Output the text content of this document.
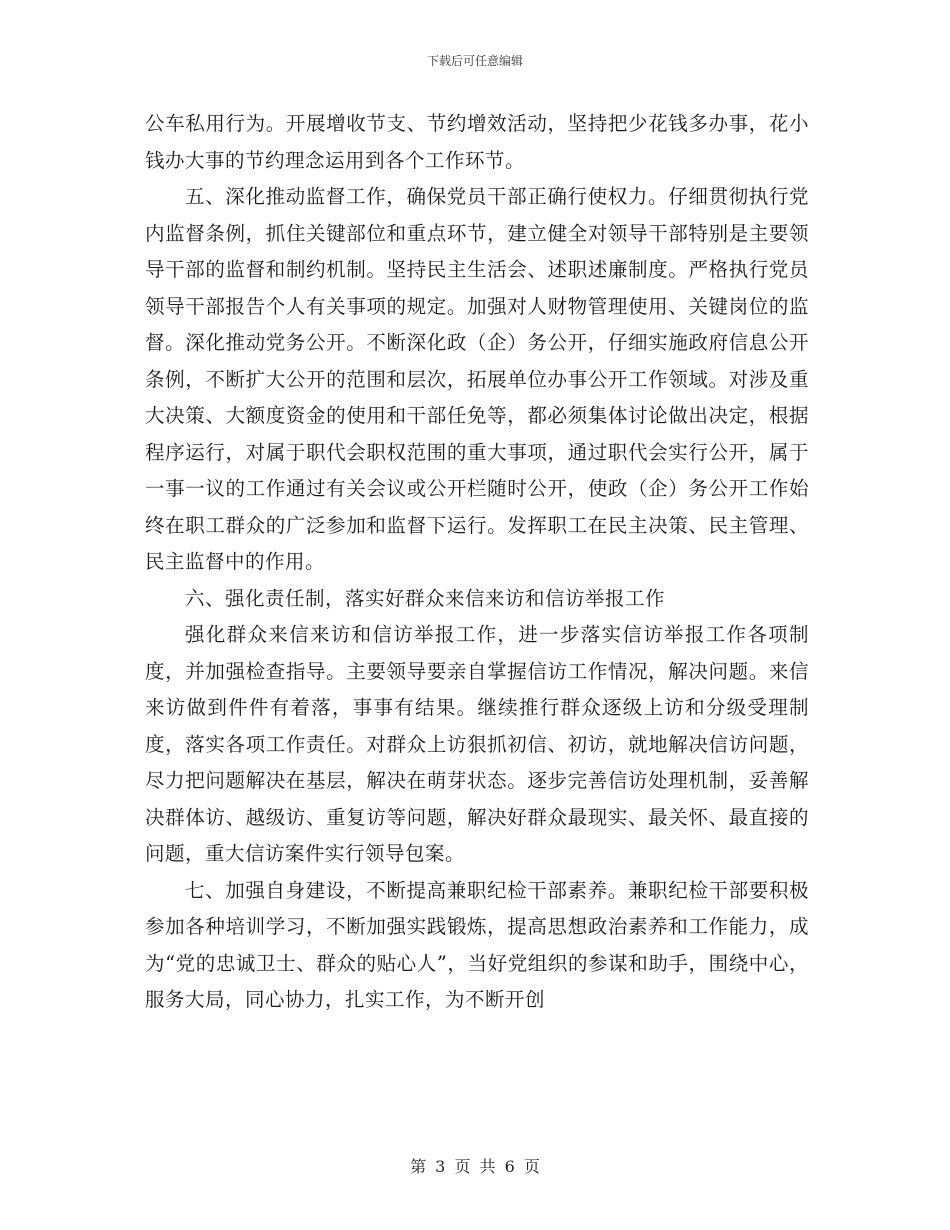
下载后可任意编辑

公车私用行为。开展增收节支、节约增效活动，坚持把少花钱多办事，花小钱办大事的节约理念运用到各个工作环节。

五、深化推动监督工作，确保党员干部正确行使权力。仔细贯彻执行党内监督条例，抓住关键部位和重点环节，建立健全对领导干部特别是主要领导干部的监督和制约机制。坚持民主生活会、述职述廉制度。严格执行党员领导干部报告个人有关事项的规定。加强对人财物管理使用、关键岗位的监督。深化推动党务公开。不断深化政（企）务公开，仔细实施政府信息公开条例，不断扩大公开的范围和层次，拓展单位办事公开工作领域。对涉及重大决策、大额度资金的使用和干部任免等，都必须集体讨论做出决定，根据程序运行，对属于职代会职权范围的重大事项，通过职代会实行公开，属于一事一议的工作通过有关会议或公开栏随时公开，使政（企）务公开工作始终在职工群众的广泛参加和监督下运行。发挥职工在民主决策、民主管理、民主监督中的作用。

六、强化责任制，落实好群众来信来访和信访举报工作

强化群众来信来访和信访举报工作，进一步落实信访举报工作各项制度，并加强检查指导。主要领导要亲自掌握信访工作情况，解决问题。来信来访做到件件有着落，事事有结果。继续推行群众逐级上访和分级受理制度，落实各项工作责任。对群众上访狠抓初信、初访，就地解决信访问题，尽力把问题解决在基层，解决在萌芽状态。逐步完善信访处理机制，妥善解决群体访、越级访、重复访等问题，解决好群众最现实、最关怀、最直接的问题，重大信访案件实行领导包案。

七、加强自身建设，不断提高兼职纪检干部素养。兼职纪检干部要积极参加各种培训学习，不断加强实践锻炼，提高思想政治素养和工作能力，成为“党的忠诚卫士、群众的贴心人”，当好党组织的参谋和助手，围绕中心，服务大局，同心协力，扎实工作，为不断开创

第 3 页 共 6 页
